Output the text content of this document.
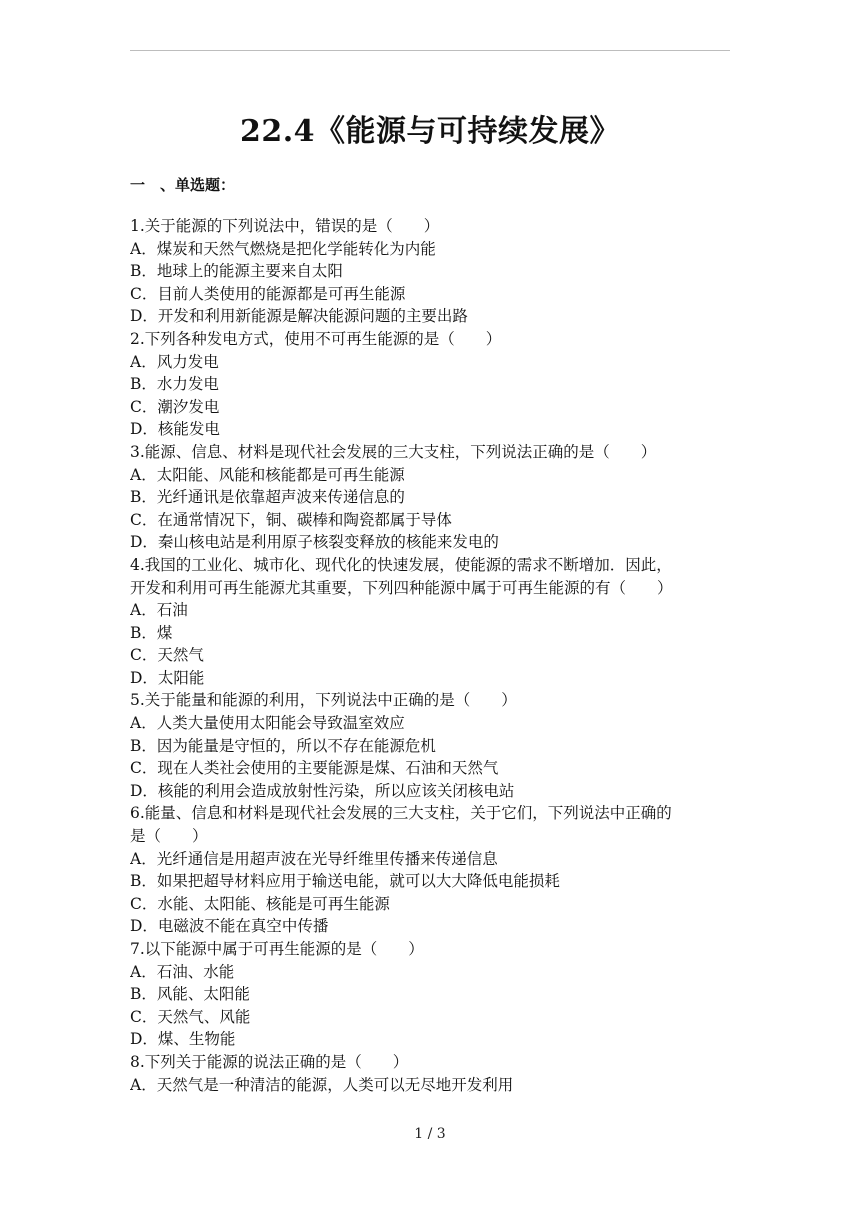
22.4《能源与可持续发展》
一　、单选题：
1.关于能源的下列说法中，错误的是（　　）
A．煤炭和天然气燃烧是把化学能转化为内能
B．地球上的能源主要来自太阳
C．目前人类使用的能源都是可再生能源
D．开发和利用新能源是解决能源问题的主要出路
2.下列各种发电方式，使用不可再生能源的是（　　）
A．风力发电
B．水力发电
C．潮汐发电
D．核能发电
3.能源、信息、材料是现代社会发展的三大支柱，下列说法正确的是（　　）
A．太阳能、风能和核能都是可再生能源
B．光纤通讯是依靠超声波来传递信息的
C．在通常情况下，铜、碳棒和陶瓷都属于导体
D．秦山核电站是利用原子核裂变释放的核能来发电的
4.我国的工业化、城市化、现代化的快速发展，使能源的需求不断增加．因此，
开发和利用可再生能源尤其重要，下列四种能源中属于可再生能源的有（　　）
A．石油
B．煤
C．天然气
D．太阳能
5.关于能量和能源的利用，下列说法中正确的是（　　）
A．人类大量使用太阳能会导致温室效应
B．因为能量是守恒的，所以不存在能源危机
C．现在人类社会使用的主要能源是煤、石油和天然气
D．核能的利用会造成放射性污染，所以应该关闭核电站
6.能量、信息和材料是现代社会发展的三大支柱，关于它们，下列说法中正确的
是（　　）
A．光纤通信是用超声波在光导纤维里传播来传递信息
B．如果把超导材料应用于输送电能，就可以大大降低电能损耗
C．水能、太阳能、核能是可再生能源
D．电磁波不能在真空中传播
7.以下能源中属于可再生能源的是（　　）
A．石油、水能
B．风能、太阳能
C．天然气、风能
D．煤、生物能
8.下列关于能源的说法正确的是（　　）
A．天然气是一种清洁的能源，人类可以无尽地开发利用
1 / 3
